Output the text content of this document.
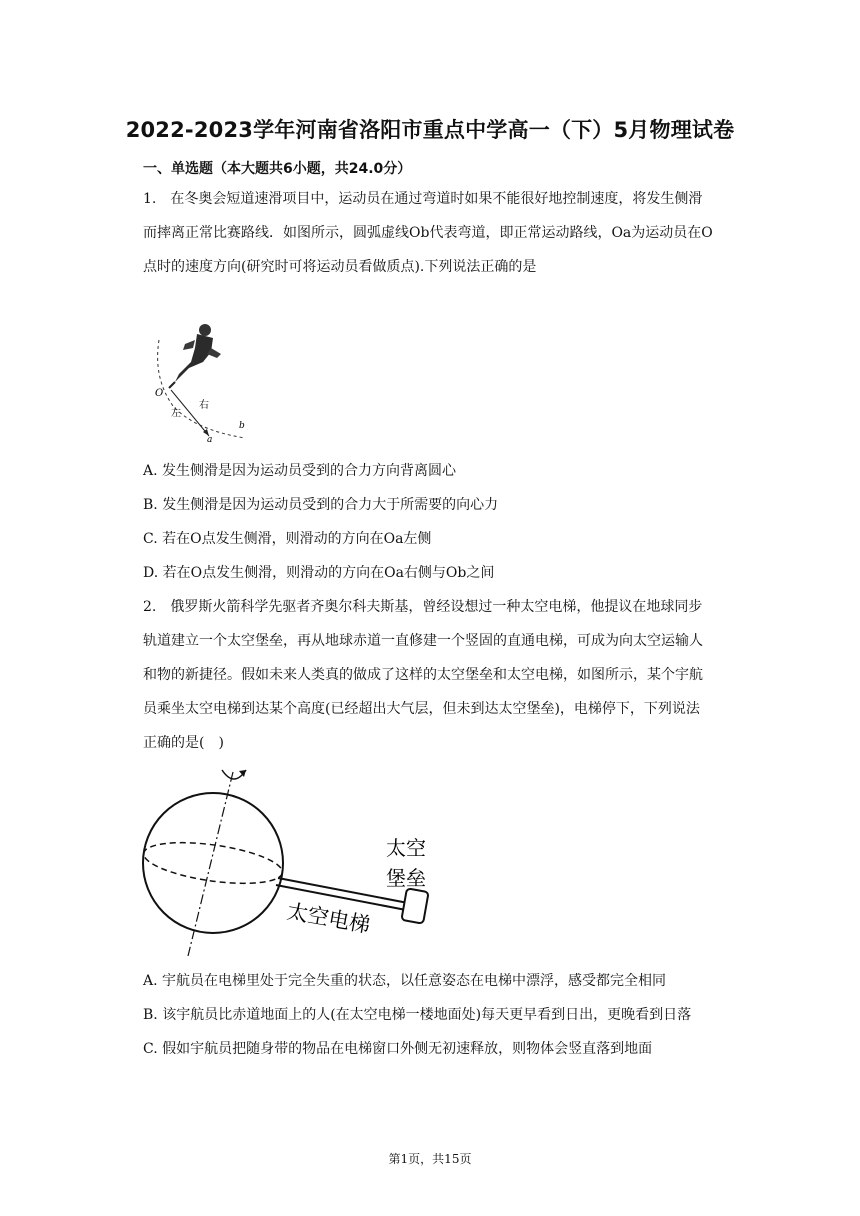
2022-2023学年河南省洛阳市重点中学高一（下）5月物理试卷
一、单选题（本大题共6小题，共24.0分）

1.　在冬奥会短道速滑项目中，运动员在通过弯道时如果不能很好地控制速度，将发生侧滑

而摔离正常比赛路线．如图所示，圆弧虚线Ob代表弯道，即正常运动路线，Oa为运动员在O

点时的速度方向(研究时可将运动员看做质点).下列说法正确的是

O
左
右
a
b
A. 发生侧滑是因为运动员受到的合力方向背离圆心
B. 发生侧滑是因为运动员受到的合力大于所需要的向心力
C. 若在O点发生侧滑，则滑动的方向在Oa左侧
D. 若在O点发生侧滑，则滑动的方向在Oa右侧与Ob之间

2.　俄罗斯火箭科学先驱者齐奥尔科夫斯基，曾经设想过一种太空电梯，他提议在地球同步

轨道建立一个太空堡垒，再从地球赤道一直修建一个竖固的直通电梯，可成为向太空运输人

和物的新捷径。假如未来人类真的做成了这样的太空堡垒和太空电梯，如图所示，某个宇航

员乘坐太空电梯到达某个高度(已经超出大气层，但未到达太空堡垒)，电梯停下，下列说法

正确的是(　)

太空
堡垒
太空电梯
A. 宇航员在电梯里处于完全失重的状态，以任意姿态在电梯中漂浮，感受都完全相同
B. 该宇航员比赤道地面上的人(在太空电梯一楼地面处)每天更早看到日出，更晚看到日落
C. 假如宇航员把随身带的物品在电梯窗口外侧无初速释放，则物体会竖直落到地面
第1页，共15页
